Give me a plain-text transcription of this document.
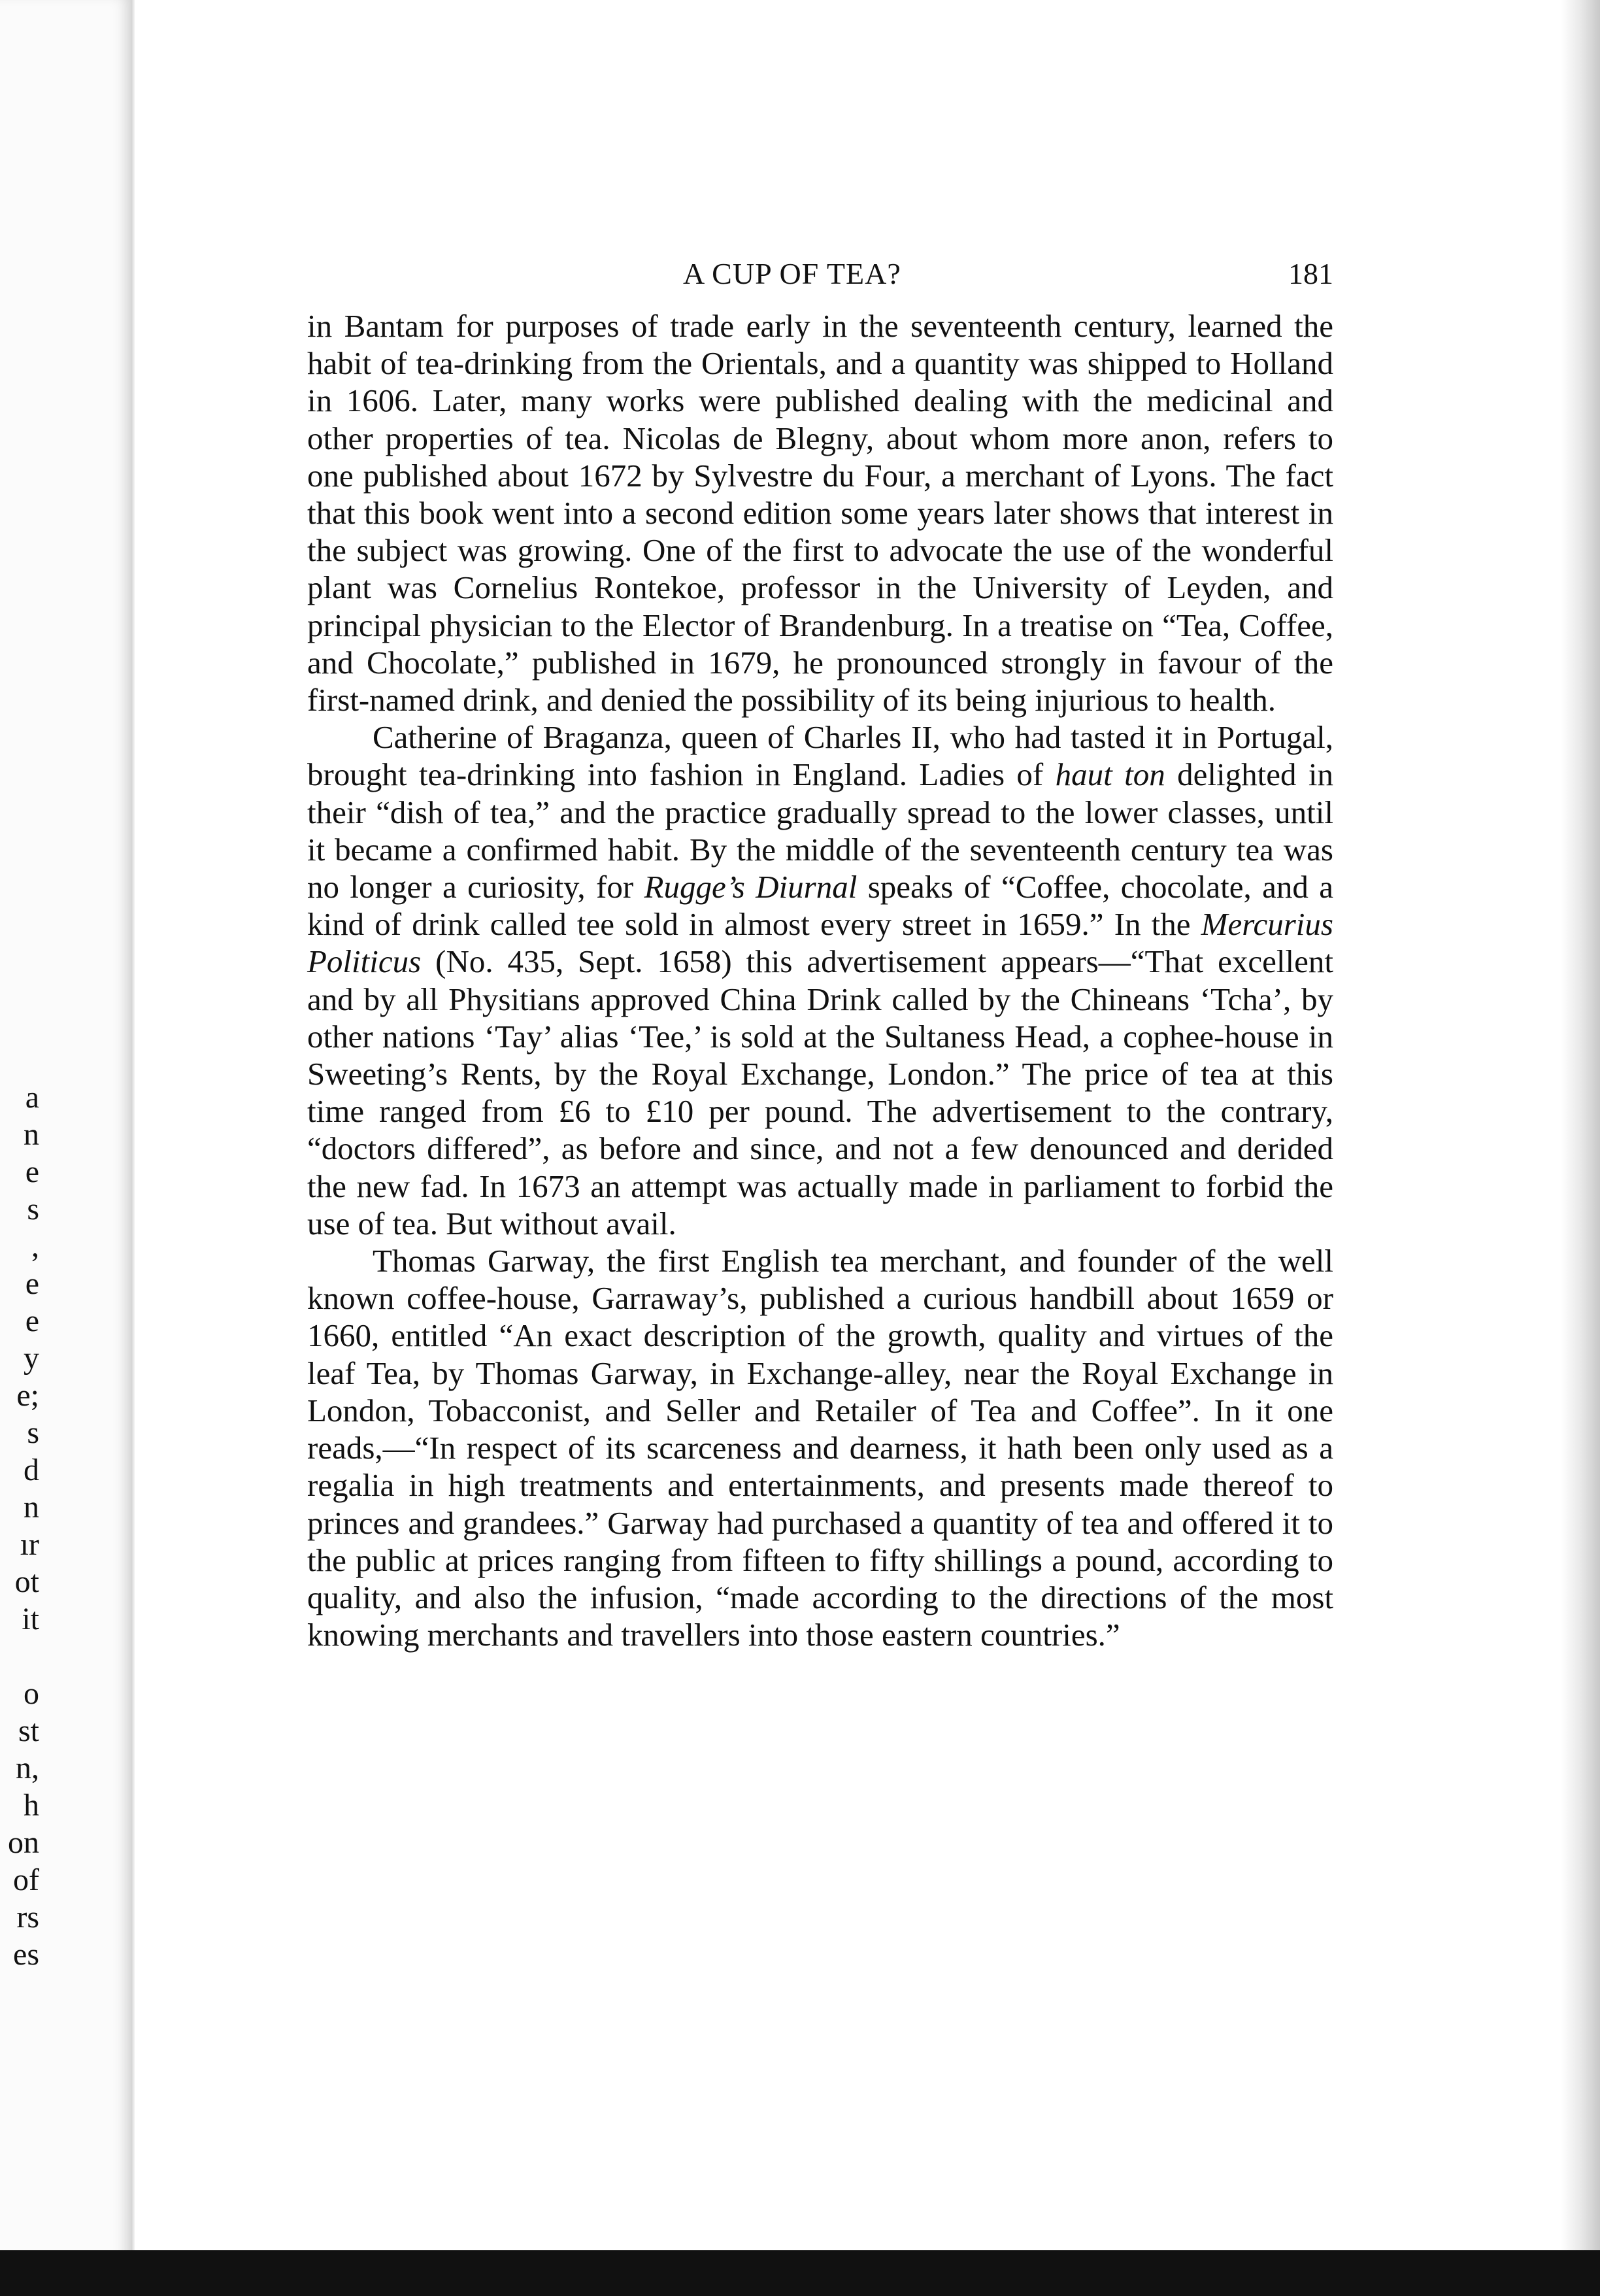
a
n
e
s
,
e
e
y
e;
s
d
n
ır
ot
it
o
st
n,
h
on
of
rs
es
A CUP OF TEA?	181

in Bantam for purposes of trade early in the seventeenth century, learned the habit of tea-drinking from the Orientals, and a quantity was shipped to Holland in 1606. Later, many works were published dealing with the medicinal and other properties of tea. Nicolas de Blegny, about whom more anon, refers to one published about 1672 by Sylvestre du Four, a merchant of Lyons. The fact that this book went into a second edition some years later shows that interest in the subject was growing. One of the first to advocate the use of the wonderful plant was Cornelius Rontekoe, professor in the University of Leyden, and principal physician to the Elector of Brandenburg. In a treatise on “Tea, Coffee, and Chocolate,” published in 1679, he pronounced strongly in favour of the first-named drink, and denied the possibility of its being injurious to health.

Catherine of Braganza, queen of Charles II, who had tasted it in Portugal, brought tea-drinking into fashion in England. Ladies of haut ton delighted in their “dish of tea,” and the practice gradually spread to the lower classes, until it became a confirmed habit. By the middle of the seventeenth century tea was no longer a curiosity, for Rugge’s Diurnal speaks of “Coffee, chocolate, and a kind of drink called tee sold in almost every street in 1659.” In the Mercurius Politicus (No. 435, Sept. 1658) this advertisement appears—“That excellent and by all Physitians approved China Drink called by the Chineans ‘Tcha’, by other nations ‘Tay’ alias ‘Tee,’ is sold at the Sultaness Head, a cophee-house in Sweeting’s Rents, by the Royal Exchange, London.” The price of tea at this time ranged from £6 to £10 per pound. The advertisement to the contrary, “doctors differed”, as before and since, and not a few denounced and derided the new fad. In 1673 an attempt was actually made in parliament to forbid the use of tea. But without avail.

Thomas Garway, the first English tea merchant, and founder of the well known coffee-house, Garraway’s, published a curious handbill about 1659 or 1660, entitled “An exact description of the growth, quality and virtues of the leaf Tea, by Thomas Garway, in Exchange-alley, near the Royal Exchange in London, Tobacconist, and Seller and Retailer of Tea and Coffee”. In it one reads,—“In respect of its scarceness and dearness, it hath been only used as a regalia in high treatments and entertainments, and presents made thereof to princes and grandees.” Garway had purchased a quantity of tea and offered it to the public at prices ranging from fifteen to fifty shillings a pound, according to quality, and also the infusion, “made according to the directions of the most knowing merchants and travellers into those eastern countries.”
